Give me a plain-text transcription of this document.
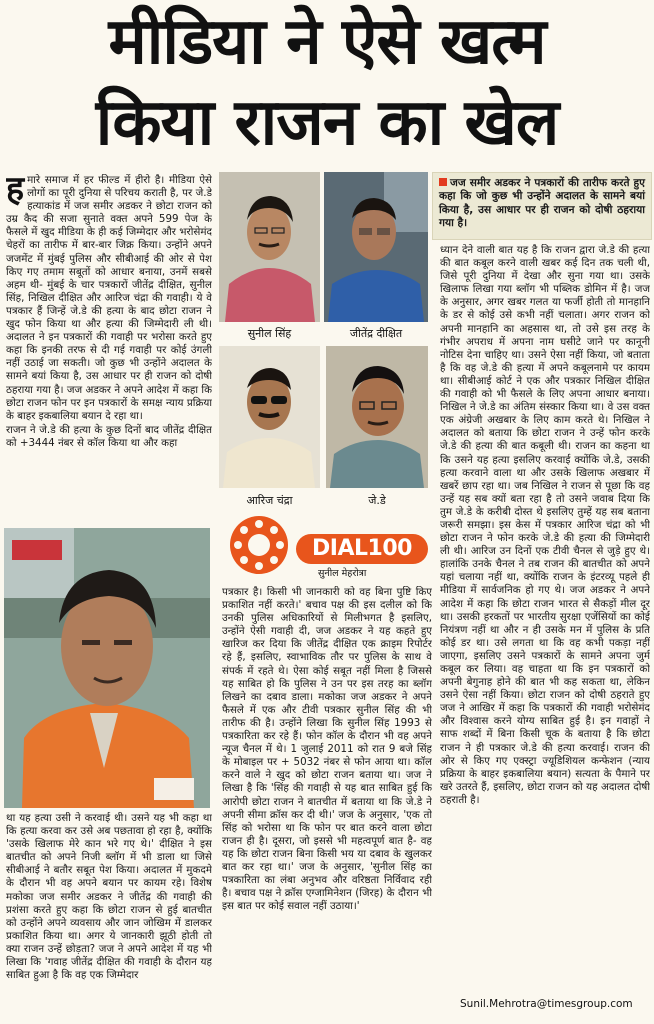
मीडिया ने ऐसे खत्म
किया राजन का खेल

हमारे समाज में हर फील्ड में हीरो है। मीडिया ऐसे लोगों का पूरी दुनिया से परिचय कराती है, पर जे.डे हत्याकांड में जज समीर अडकर ने छोटा राजन को उम्र कैद की सजा सुनाते वक्त अपने 599 पेज के फैसले में खुद मीडिया के ही कई जिम्मेदार और भरोसेमंद चेहरों का तारीफ में बार-बार जिक्र किया। उन्होंने अपने जजमेंट में मुंबई पुलिस और सीबीआई की ओर से पेश किए गए तमाम सबूतों को आधार बनाया, उनमें सबसे अहम थी- मुंबई के चार पत्रकारों जीतेंद्र दीक्षित, सुनील सिंह, निखिल दीक्षित और आरिज चंद्रा की गवाही। ये वे पत्रकार हैं जिन्हें जे.डे की हत्या के बाद छोटा राजन ने खुद फोन किया था और हत्या की जिम्मेदारी ली थी। अदालत ने इन पत्रकारों की गवाही पर भरोसा करते हुए कहा कि इनकी तरफ से दी गई गवाही पर कोई उंगली नहीं उठाई जा सकती। जो कुछ भी उन्होंने अदालत के सामने बयां किया है, उस आधार पर ही राजन को दोषी ठहराया गया है। जज अडकर ने अपने आदेश में कहा कि छोटा राजन फोन पर इन पत्रकारों के समक्ष न्याय प्रक्रिया के बाहर इकबालिया बयान दे रहा था।

राजन ने जे.डे की हत्या के कुछ दिनों बाद जीतेंद्र दीक्षित को +3444 नंबर से कॉल किया था और कहा

था यह हत्या उसी ने करवाई थी। उसने यह भी कहा था कि हत्या करवा कर उसे अब पछतावा हो रहा है, क्योंकि 'उसके खिलाफ मेरे कान भरे गए थे।' दीक्षित ने इस बातचीत को अपने निजी ब्लॉग में भी डाला था जिसे सीबीआई ने बतौर सबूत पेश किया। अदालत में मुकदमे के दौरान भी वह अपने बयान पर कायम रहे। विशेष मकोका जज समीर अडकर ने जीतेंद्र की गवाही की प्रशंसा करते हुए कहा कि छोटा राजन से हुई बातचीत को उन्होंने अपने व्यवसाय और जान जोखिम में डालकर प्रकाशित किया था। अगर ये जानकारी झूठी होती तो क्या राजन उन्हें छोड़ता? जज ने अपने आदेश में यह भी लिखा कि 'गवाह जीतेंद्र दीक्षित की गवाही के दौरान यह साबित हुआ है कि वह एक जिम्मेदार

सुनील सिंह	जीतेंद्र दीक्षित
आरिज चंद्रा	जे.डे
जज समीर अडकर ने पत्रकारों की तारीफ करते हुए कहा कि जो कुछ भी उन्होंने अदालत के सामने बयां किया है, उस आधार पर ही राजन को दोषी ठहराया गया है।

ध्यान देने वाली बात यह है कि राजन द्वारा जे.डे की हत्या की बात कबूल करने वाली खबर कई दिन तक चली थी, जिसे पूरी दुनिया में देखा और सुना गया था। उसके खिलाफ लिखा गया ब्लॉग भी पब्लिक डोमिन में है। जज के अनुसार, अगर खबर गलत या फर्जी होती तो मानहानि के डर से कोई उसे कभी नहीं चलाता। अगर राजन को अपनी मानहानि का अहसास था, तो उसे इस तरह के गंभीर अपराध में अपना नाम घसीटे जाने पर कानूनी नोटिस देना चाहिए था। उसने ऐसा नहीं किया, जो बताता है कि वह जे.डे की हत्या में अपने कबूलनामे पर कायम था। सीबीआई कोर्ट ने एक और पत्रकार निखिल दीक्षित की गवाही को भी फैसले के लिए अपना आधार बनाया। निखिल ने जे.डे का अंतिम संस्कार किया था। वे उस वक्त एक अंग्रेजी अखबार के लिए काम करते थे। निखिल ने अदालत को बताया कि छोटा राजन ने उन्हें फोन करके जे.डे की हत्या की बात कबूली थी। राजन का कहना था कि उसने यह हत्या इसलिए करवाई क्योंकि जे.डे, उसकी हत्या करवाने वाला था और उसके खिलाफ अखबार में खबरें छाप रहा था। जब निखिल ने राजन से पूछा कि वह उन्हें यह सब क्यों बता रहा है तो उसने जवाब दिया कि तुम जे.डे के करीबी दोस्त थे इसलिए तुम्हें यह सब बताना जरूरी समझा। इस केस में पत्रकार आरिज चंद्रा को भी छोटा राजन ने फोन करके जे.डे की हत्या की जिम्मेदारी ली थी। आरिज उन दिनों एक टीवी चैनल से जुड़े हुए थे। हालांकि उनके चैनल ने तब राजन की बातचीत को अपने यहां चलाया नहीं था, क्योंकि राजन के इंटरव्यू पहले ही मीडिया में सार्वजनिक हो गए थे। जज अडकर ने अपने आदेश में कहा कि छोटा राजन भारत से सैकड़ों मील दूर था। उसकी हरकतों पर भारतीय सुरक्षा एजेंसियों का कोई नियंत्रण नहीं था और न ही उसके मन में पुलिस के प्रति कोई डर था। उसे लगता था कि वह कभी पकड़ा नहीं जाएगा, इसलिए उसने पत्रकारों के सामने अपना जुर्म कबूल कर लिया। वह चाहता था कि इन पत्रकारों को अपनी बेगुनाह होने की बात भी कह सकता था, लेकिन उसने ऐसा नहीं किया। छोटा राजन को दोषी ठहराते हुए जज ने आखिर में कहा कि पत्रकारों की गवाही भरोसेमंद और विश्वास करने योग्य साबित हुई है। इन गवाहों ने साफ शब्दों में बिना किसी चूक के बताया है कि छोटा राजन ने ही पत्रकार जे.डे की हत्या करवाई। राजन की ओर से किए गए एक्स्ट्रा ज्यूडिशियल कन्फेशन (न्याय प्रक्रिया के बाहर इकबालिया बयान) सत्यता के पैमाने पर खरे उतरते हैं, इसलिए, छोटा राजन को यह अदालत दोषी ठहराती है।

DIAL100
सुनील मेहरोत्रा

पत्रकार है। किसी भी जानकारी को वह बिना पुष्टि किए प्रकाशित नहीं करते।' बचाव पक्ष की इस दलील को कि उनकी पुलिस अधिकारियों से मिलीभगत है इसलिए, उन्होंने ऐसी गवाही दी, जज अडकर ने यह कहते हुए खारिज कर दिया कि जीतेंद्र दीक्षित एक क्राइम रिपोर्टर रहे हैं, इसलिए, स्वाभाविक तौर पर पुलिस के साथ वे संपर्क में रहते थे। ऐसा कोई सबूत नहीं मिला है जिससे यह साबित हो कि पुलिस ने उन पर इस तरह का ब्लॉग लिखने का दबाव डाला। मकोका जज अडकर ने अपने फैसले में एक और टीवी पत्रकार सुनील सिंह की भी तारीफ की है। उन्होंने लिखा कि सुनील सिंह 1993 से पत्रकारिता कर रहे हैं। फोन कॉल के दौरान भी वह अपने न्यूज चैनल में थे। 1 जुलाई 2011 को रात 9 बजे सिंह के मोबाइल पर + 5032 नंबर से फोन आया था। कॉल करने वाले ने खुद को छोटा राजन बताया था। जज ने लिखा है कि 'सिंह की गवाही से यह बात साबित हुई कि आरोपी छोटा राजन ने बातचीत में बताया था कि जे.डे ने अपनी सीमा क्रॉस कर दी थी।' जज के अनुसार, 'एक तो सिंह को भरोसा था कि फोन पर बात करने वाला छोटा राजन ही है। दूसरा, जो इससे भी महत्वपूर्ण बात है- वह यह कि छोटा राजन बिना किसी भय या दबाव के खुलकर बात कर रहा था।' जज के अनुसार, 'सुनील सिंह का पत्रकारिता का लंबा अनुभव और वरिष्ठता निर्विवाद रही है। बचाव पक्ष ने क्रॉस एग्जामिनेशन (जिरह) के दौरान भी इस बात पर कोई सवाल नहीं उठाया।'

Sunil.Mehrotra@timesgroup.com
